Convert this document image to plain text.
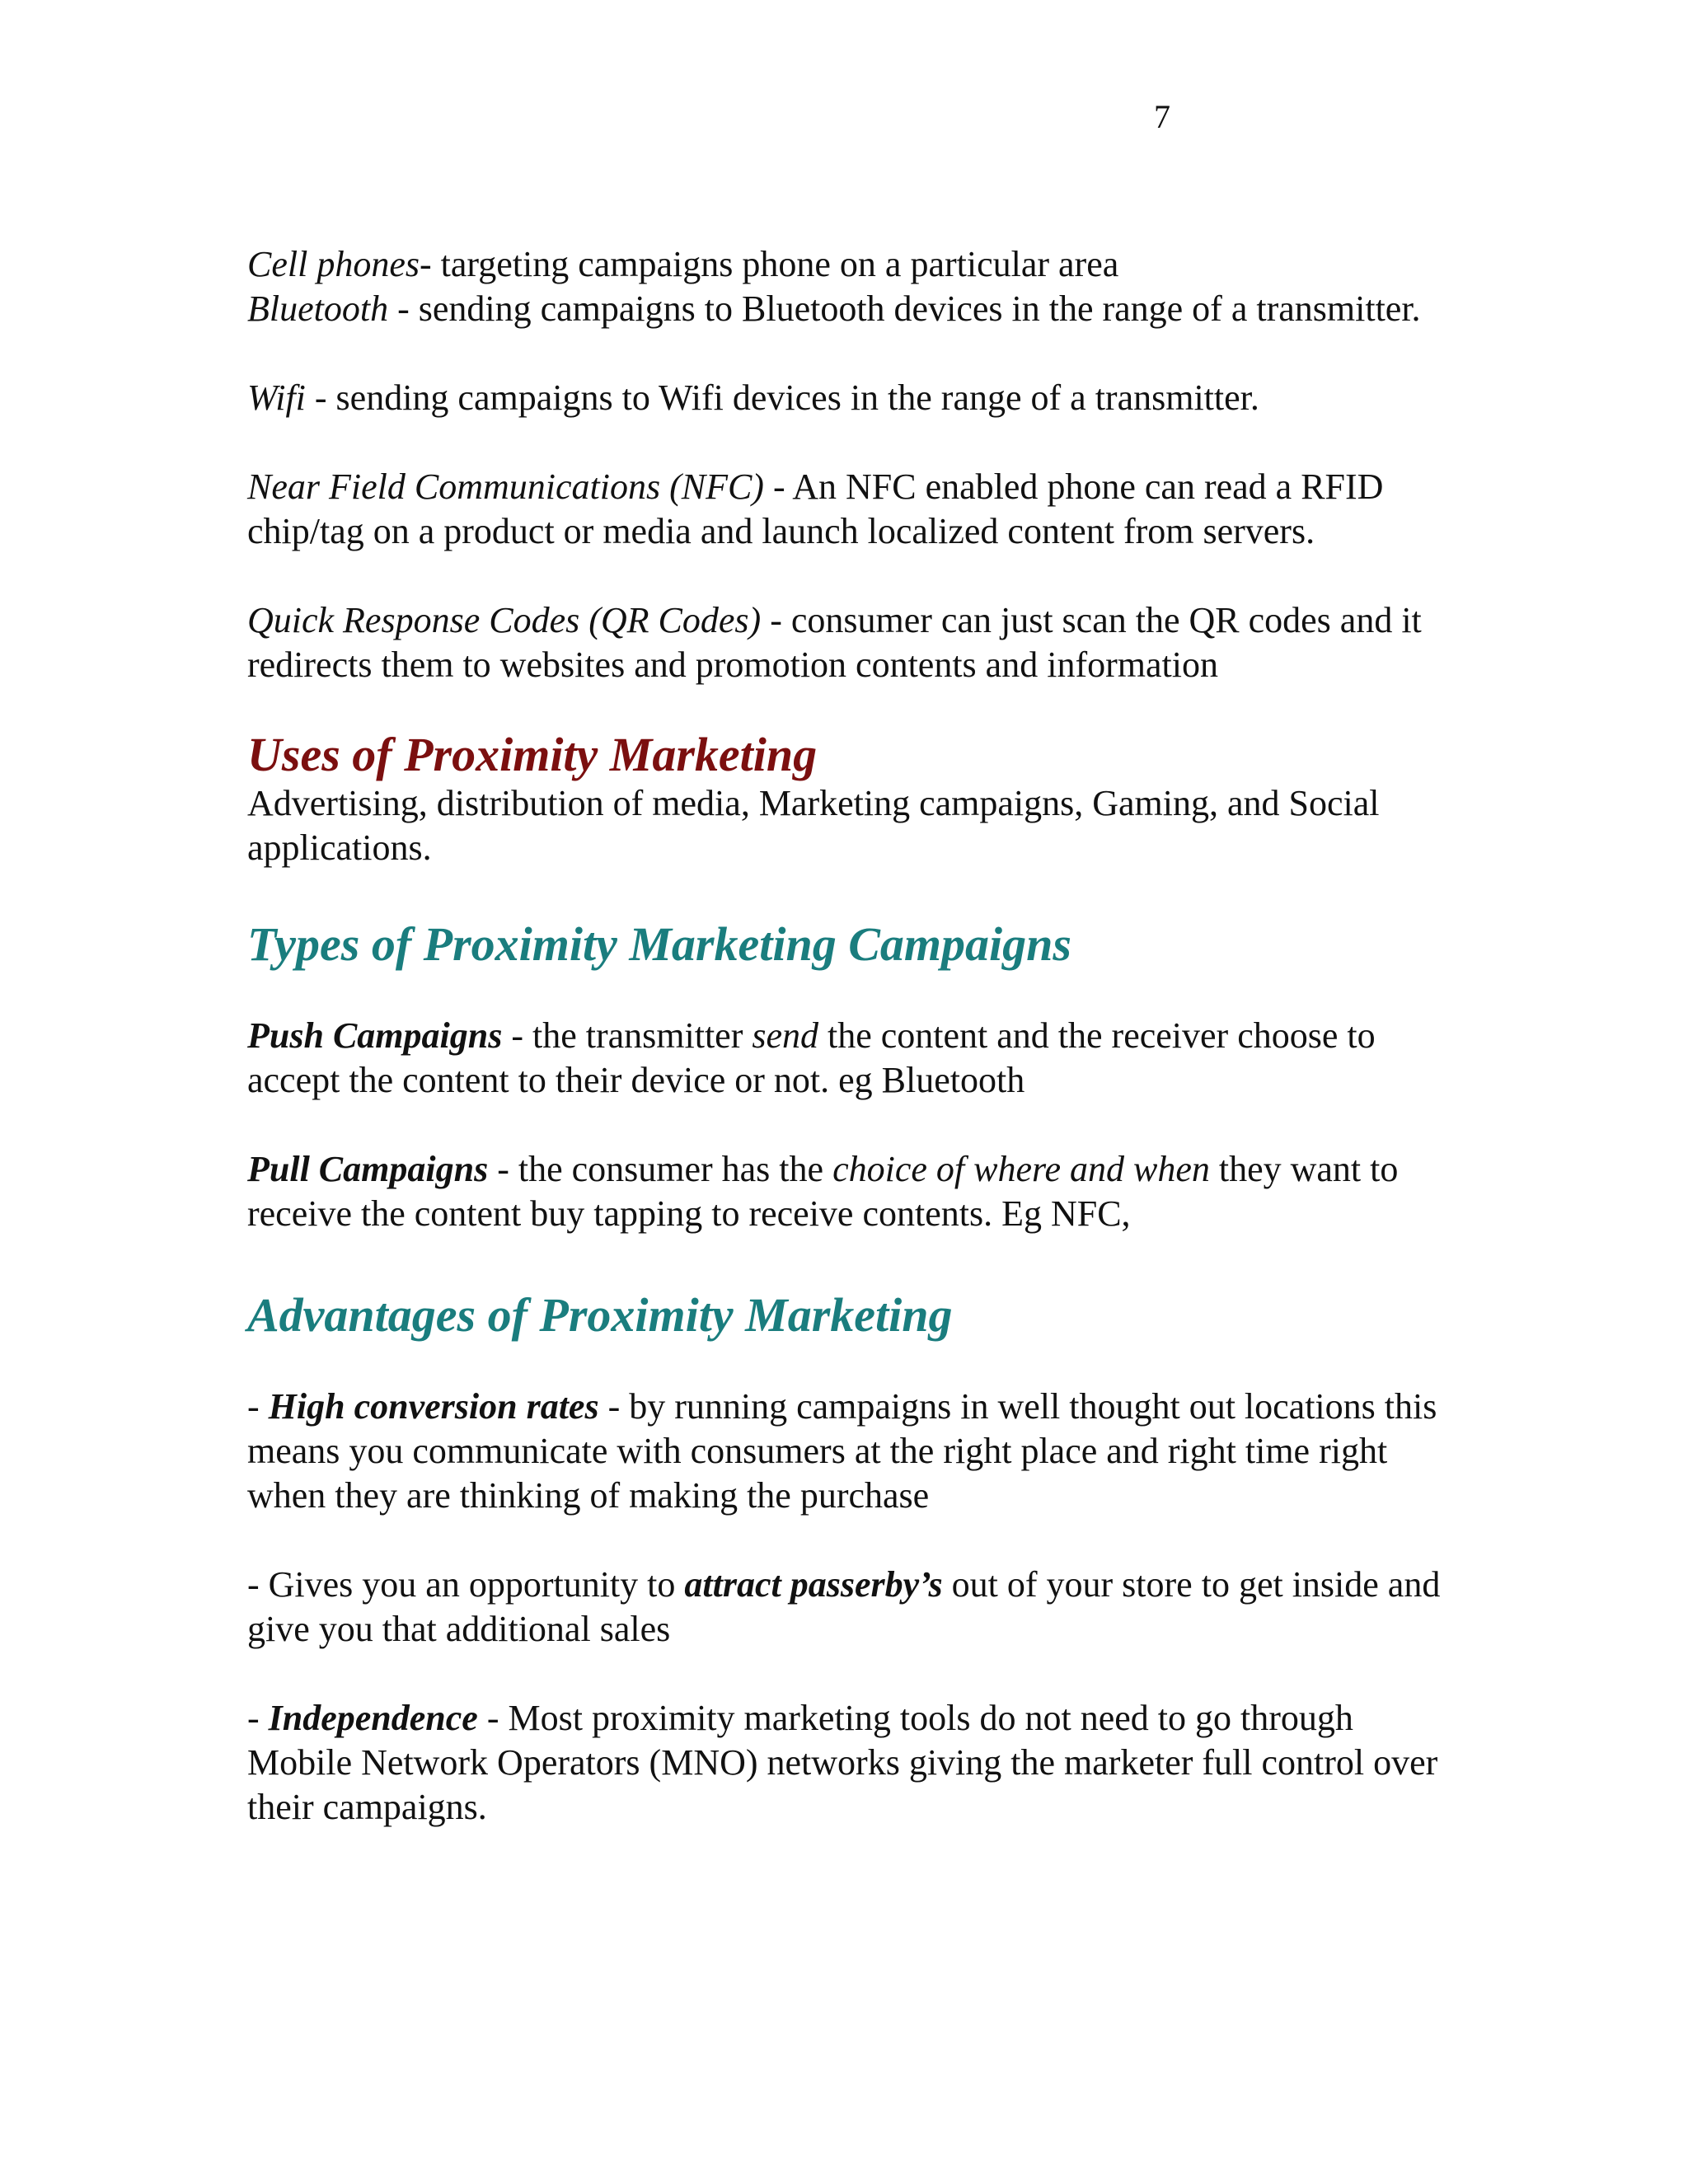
7

Cell phones- targeting campaigns phone on a particular area

Bluetooth - sending campaigns to Bluetooth devices in the range of a transmitter.

Wifi - sending campaigns to Wifi devices in the range of a transmitter.

Near Field Communications (NFC) - An NFC enabled phone can read a RFID chip/tag on a product or media and launch localized content from servers.

Quick Response Codes (QR Codes) - consumer can just scan the QR codes and it redirects them to websites and promotion contents and information

Uses of Proximity Marketing

Advertising, distribution of media, Marketing campaigns, Gaming, and Social applications.

Types of Proximity Marketing Campaigns

Push Campaigns - the transmitter send the content and the receiver choose to accept the content to their device or not. eg Bluetooth

Pull Campaigns - the consumer has the choice of where and when they want to receive the content buy tapping to receive contents. Eg NFC,

Advantages of Proximity Marketing

- High conversion rates - by running campaigns in well thought out locations this means you communicate with consumers at the right place and right time right when they are thinking of making the purchase

- Gives you an opportunity to attract passerby’s out of your store to get inside and give you that additional sales

- Independence - Most proximity marketing tools do not need to go through Mobile Network Operators (MNO) networks giving the marketer full control over their campaigns.
